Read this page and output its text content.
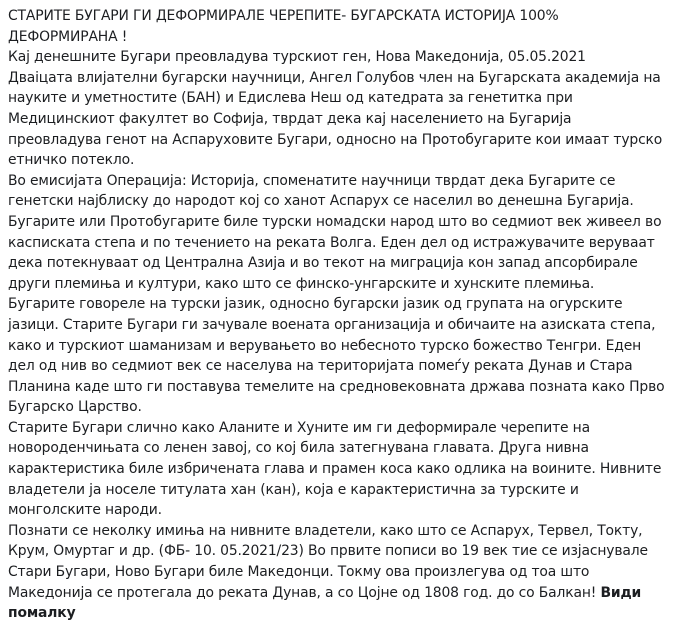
СТАРИТЕ БУГАРИ ГИ ДЕФОРМИРАЛЕ ЧЕРЕПИТЕ- БУГАРСКАТА ИСТОРИЈА 100% ДЕФОРМИРАНА !

Кај денешните Бугари преовладува турскиот ген, Нова Македонија, 05.05.2021

Дваіцата влијателни бугарски научници, Ангел Голубов член на Бугарската академија на науките и уметностите (БАН) и Едислева Неш од катедрата за генетитка при Медицинскиот факултет во Софија, тврдат дека кај населението на Бугарија преовладува генот на Аспаруховите Бугари, односно на Протобугарите кои имаат турско етничко потекло.

Во емисијата Операција: Историја, споменатите научници тврдат дека Бугарите се генетски најблиску до народот кој со ханот Аспарух се населил во денешна Бугарија.

Бугарите или Протобугарите биле турски номадски народ што во седмиот век живеел во касписката степа и по течението на реката Волга. Еден дел од истражувачите веруваат дека потекнуваат од Централна Азија и во текот на миграција кон запад апсорбирале други племиња и култури, како што се финско-унгарските и хунските племиња.

Бугарите говореле на турски јазик, односно бугарски јазик од групата на огурските јазици. Старите Бугари ги зачувале воената организација и обичаите на азиската степа, како и турскиот шаманизам и верувањето во небесното турско божество Тенгри. Еден дел од нив во седмиот век се населува на територијата помеѓу реката Дунав и Стара Планина каде што ги поставува темелите на средновековната држава позната како Прво Бугарско Царство.

Старите Бугари слично како Аланите и Хуните им ги деформирале черепите на новороденчињата со ленен завој, со кој била затегнувана главата. Друга нивна карактеристика биле избричената глава и прамен коса како одлика на воините. Нивните владетели ја носеле титулата хан (кан), која е карактеристична за турските и монголските народи.

Познати се неколку имиња на нивните владетели, како што се Аспарух, Тервел, Токту, Крум, Омуртаг и др. (ФБ- 10. 05.2021/23) Во првите пописи во 19 век тие се изјаснувале Стари Бугари, Ново Бугари биле Македонци. Токму ова произлегува од тоа што Македонија се протегала до реката Дунав, а со Цојне од 1808 год. до со Балкан! Види помалку
